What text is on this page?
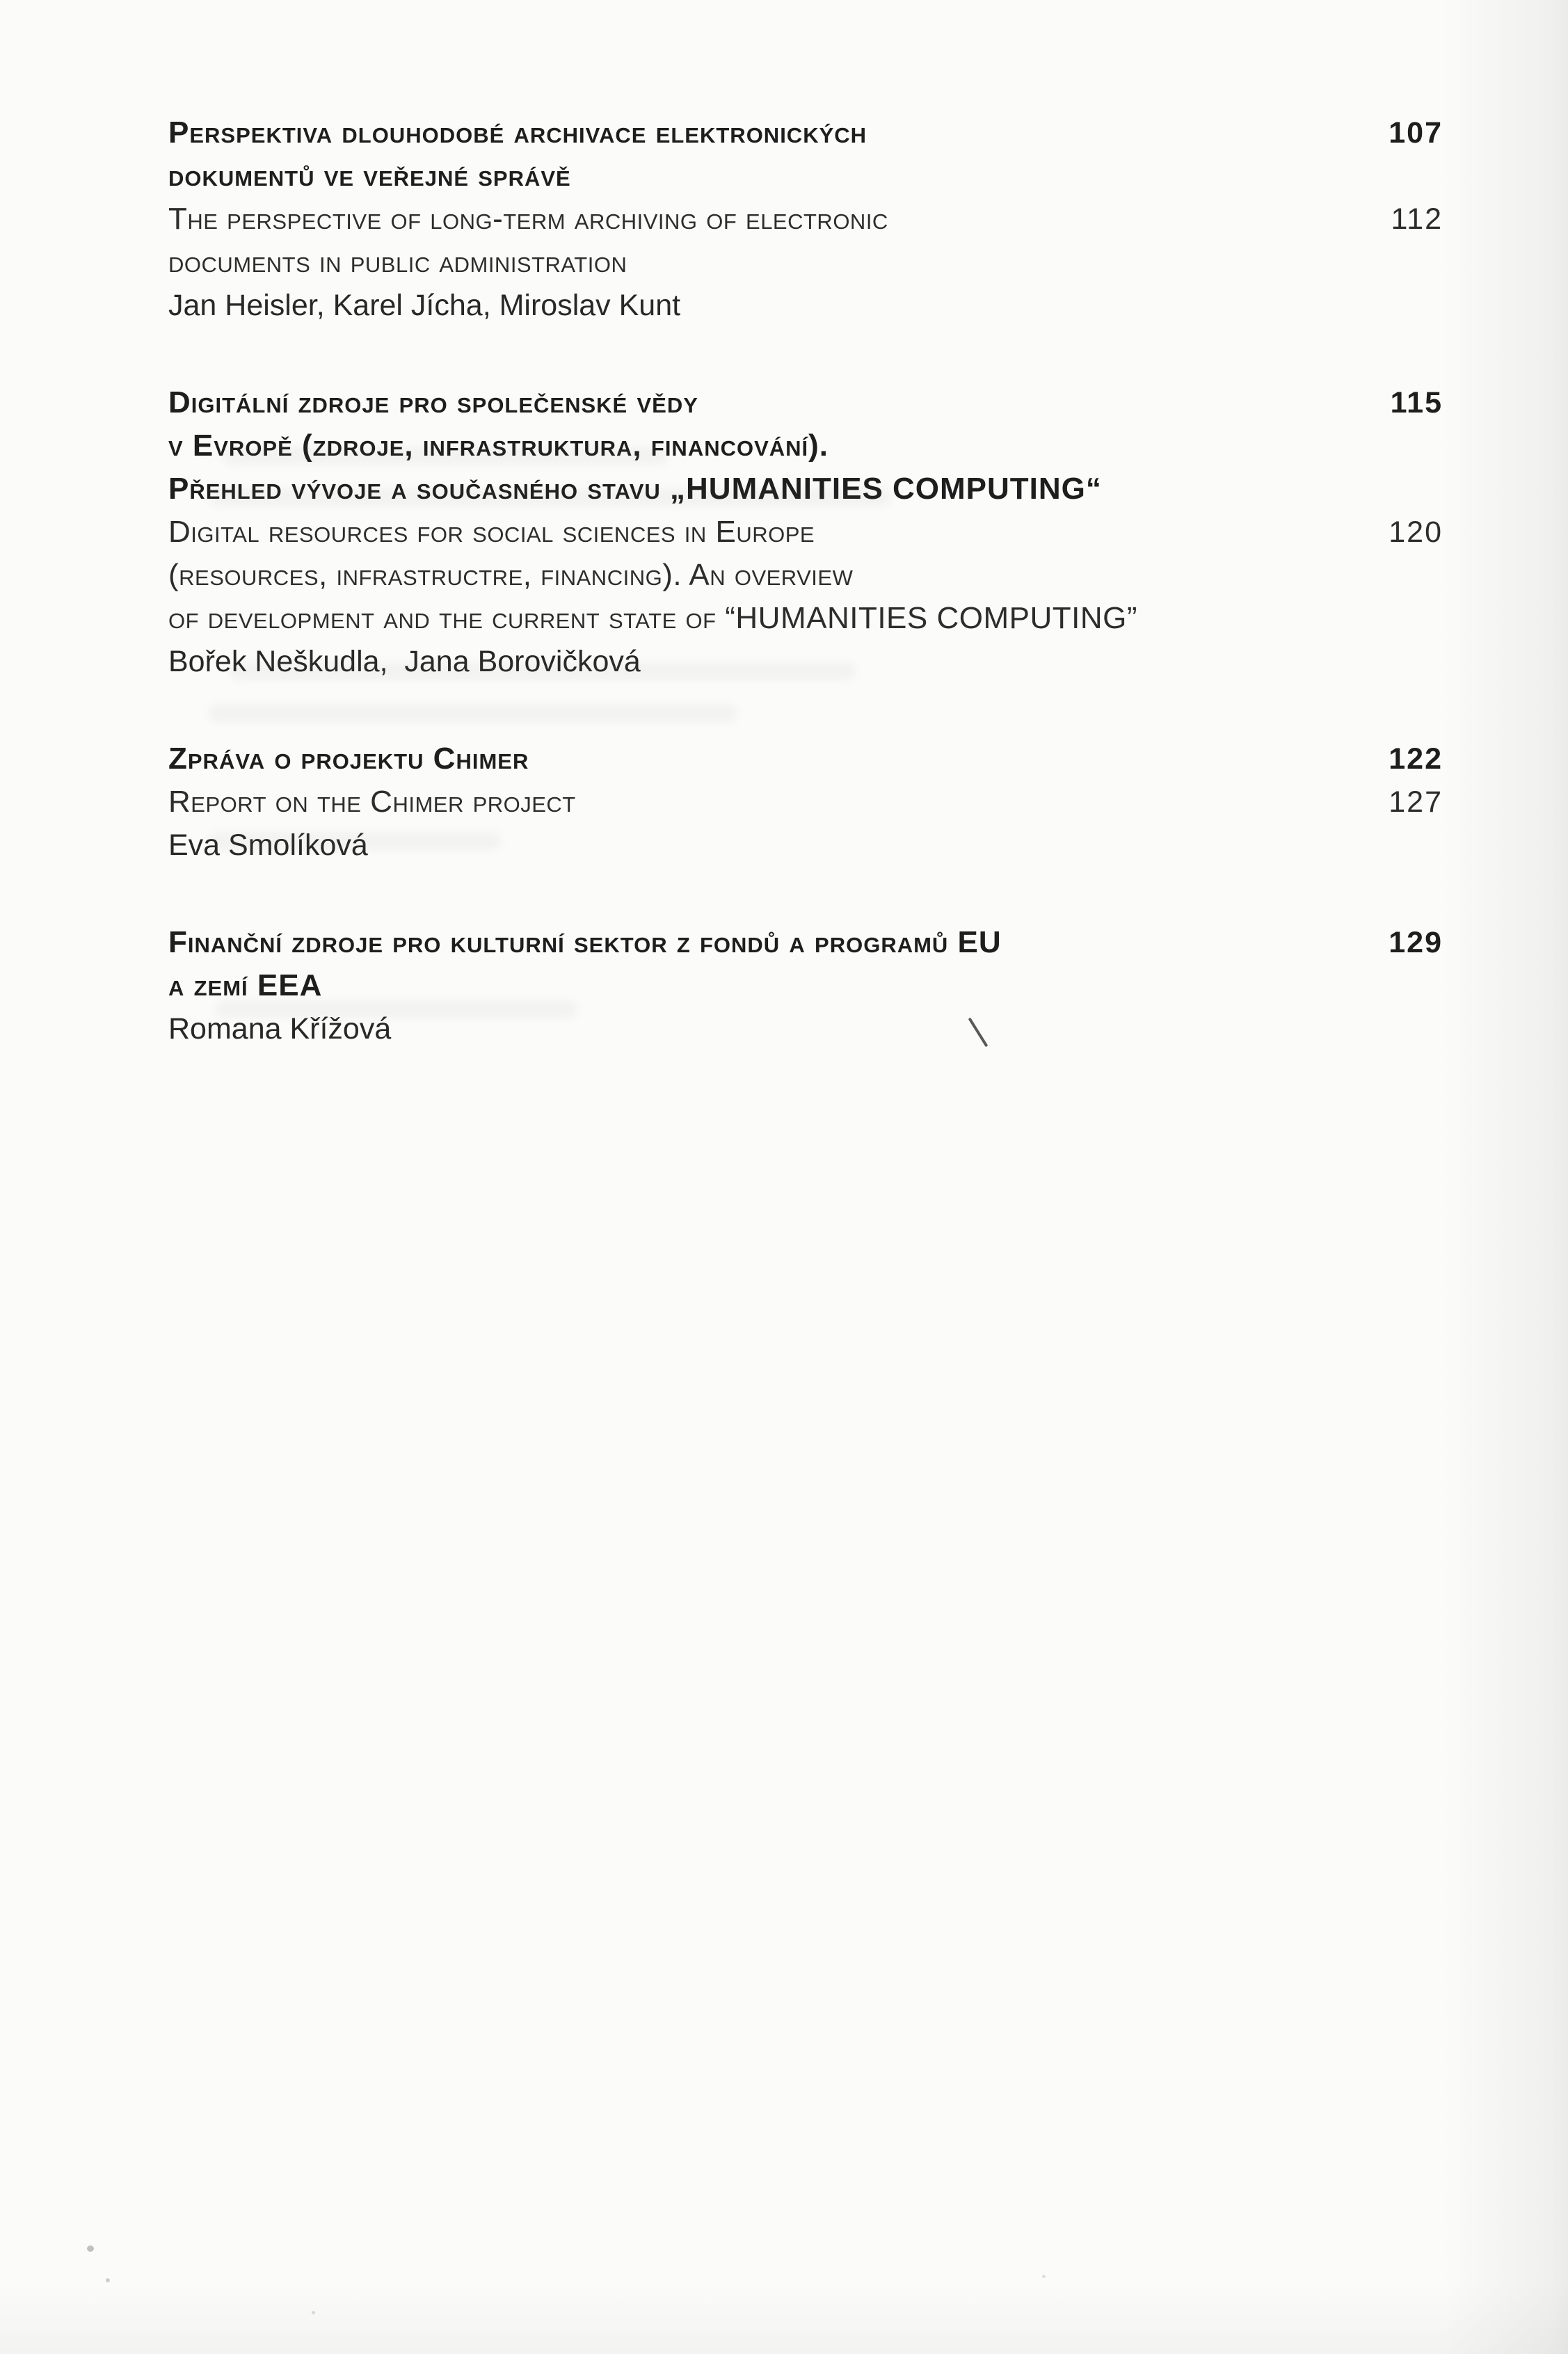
Perspektiva dlouhodobé archivace elektronických
dokumentů ve veřejné správě
The perspective of long-term archiving of electronic
documents in public administration
Jan Heisler, Karel Jícha, Miroslav Kunt
107
112
Digitální zdroje pro společenské vědy
v Evropě (zdroje, infrastruktura, financování).
Přehled vývoje a současného stavu „HUMANITIES COMPUTING“
Digital resources for social sciences in Europe
(resources, infrastructre, financing). An overview
of development and the current state of “HUMANITIES COMPUTING”
Bořek Neškudla,  Jana Borovičková
115
120
Zpráva o projektu Chimer
Report on the Chimer project
Eva Smolíková
122
127
Finanční zdroje pro kulturní sektor z fondů a programů EU
a zemí EEA
Romana Křížová
129
